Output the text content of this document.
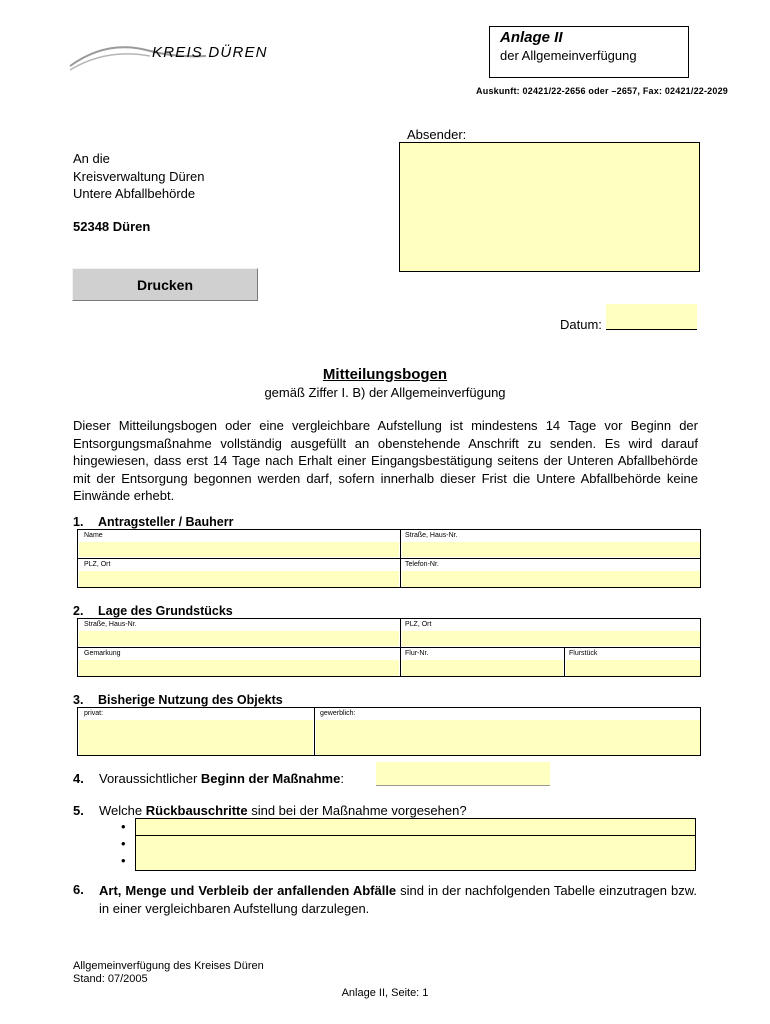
KREIS DÜREN
Anlage II
der Allgemeinverfügung
Auskunft: 02421/22-2656 oder –2657, Fax: 02421/22-2029
Absender:
An die
Kreisverwaltung Düren
Untere Abfallbehörde
52348 Düren
Drucken
Datum:
Mitteilungsbogen
gemäß Ziffer I. B) der Allgemeinverfügung
Dieser Mitteilungsbogen oder eine vergleichbare Aufstellung ist mindestens 14 Tage vor Beginn der Entsorgungsmaßnahme vollständig ausgefüllt an obenstehende Anschrift zu senden. Es wird darauf hingewiesen, dass erst 14 Tage nach Erhalt einer Eingangsbestätigung seitens der Unteren Abfallbehörde mit der Entsorgung begonnen werden darf, sofern innerhalb dieser Frist die Untere Abfallbehörde keine Einwände erhebt.
1. Antragsteller / Bauherr
Name	Straße, Haus-Nr.
PLZ, Ort	Telefon-Nr.
2. Lage des Grundstücks
Straße, Haus-Nr.	PLZ, Ort
Gemarkung	Flur-Nr.	Flurstück
3. Bisherige Nutzung des Objekts
privat:	gewerblich:
4. Voraussichtlicher Beginn der Maßnahme:
5. Welche Rückbauschritte sind bei der Maßnahme vorgesehen?
•
•
•
6. Art, Menge und Verbleib der anfallenden Abfälle sind in der nachfolgenden Tabelle einzutragen bzw. in einer vergleichbaren Aufstellung darzulegen.
Allgemeinverfügung des Kreises Düren
Stand: 07/2005
Anlage II, Seite: 1
